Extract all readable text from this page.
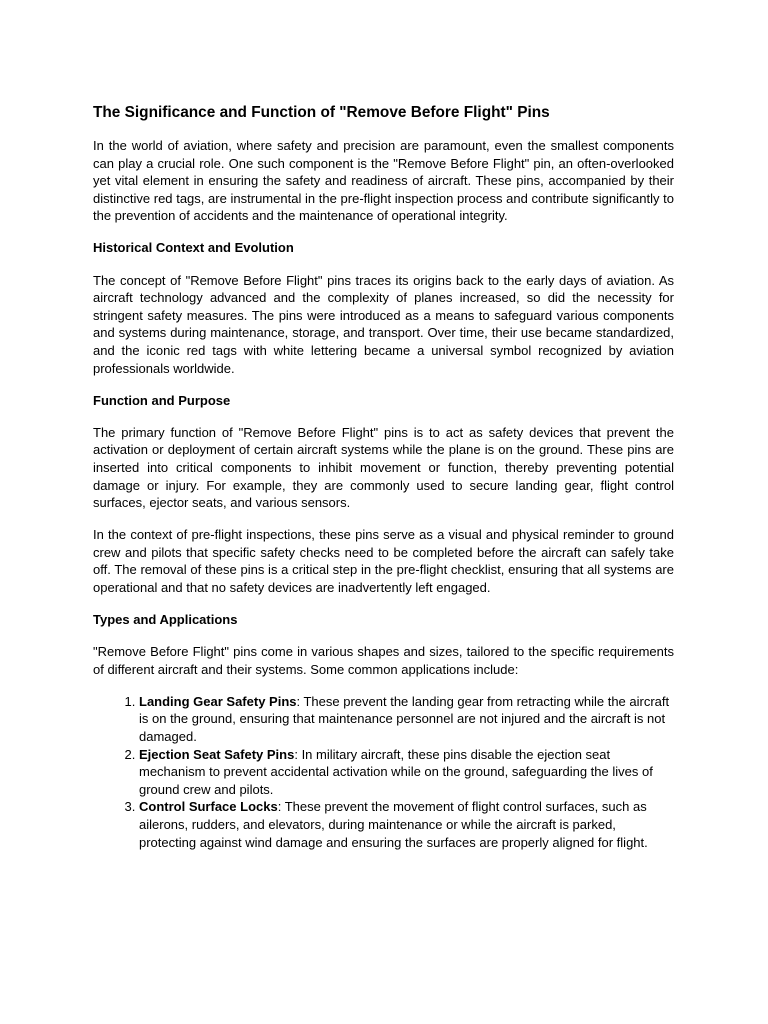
The Significance and Function of "Remove Before Flight" Pins

In the world of aviation, where safety and precision are paramount, even the smallest components can play a crucial role. One such component is the "Remove Before Flight" pin, an often-overlooked yet vital element in ensuring the safety and readiness of aircraft. These pins, accompanied by their distinctive red tags, are instrumental in the pre-flight inspection process and contribute significantly to the prevention of accidents and the maintenance of operational integrity.

Historical Context and Evolution

The concept of "Remove Before Flight" pins traces its origins back to the early days of aviation. As aircraft technology advanced and the complexity of planes increased, so did the necessity for stringent safety measures. The pins were introduced as a means to safeguard various components and systems during maintenance, storage, and transport. Over time, their use became standardized, and the iconic red tags with white lettering became a universal symbol recognized by aviation professionals worldwide.

Function and Purpose

The primary function of "Remove Before Flight" pins is to act as safety devices that prevent the activation or deployment of certain aircraft systems while the plane is on the ground. These pins are inserted into critical components to inhibit movement or function, thereby preventing potential damage or injury. For example, they are commonly used to secure landing gear, flight control surfaces, ejector seats, and various sensors.

In the context of pre-flight inspections, these pins serve as a visual and physical reminder to ground crew and pilots that specific safety checks need to be completed before the aircraft can safely take off. The removal of these pins is a critical step in the pre-flight checklist, ensuring that all systems are operational and that no safety devices are inadvertently left engaged.

Types and Applications

"Remove Before Flight" pins come in various shapes and sizes, tailored to the specific requirements of different aircraft and their systems. Some common applications include:

1. Landing Gear Safety Pins: These prevent the landing gear from retracting while the aircraft is on the ground, ensuring that maintenance personnel are not injured and the aircraft is not damaged.
2. Ejection Seat Safety Pins: In military aircraft, these pins disable the ejection seat mechanism to prevent accidental activation while on the ground, safeguarding the lives of ground crew and pilots.
3. Control Surface Locks: These prevent the movement of flight control surfaces, such as ailerons, rudders, and elevators, during maintenance or while the aircraft is parked, protecting against wind damage and ensuring the surfaces are properly aligned for flight.
